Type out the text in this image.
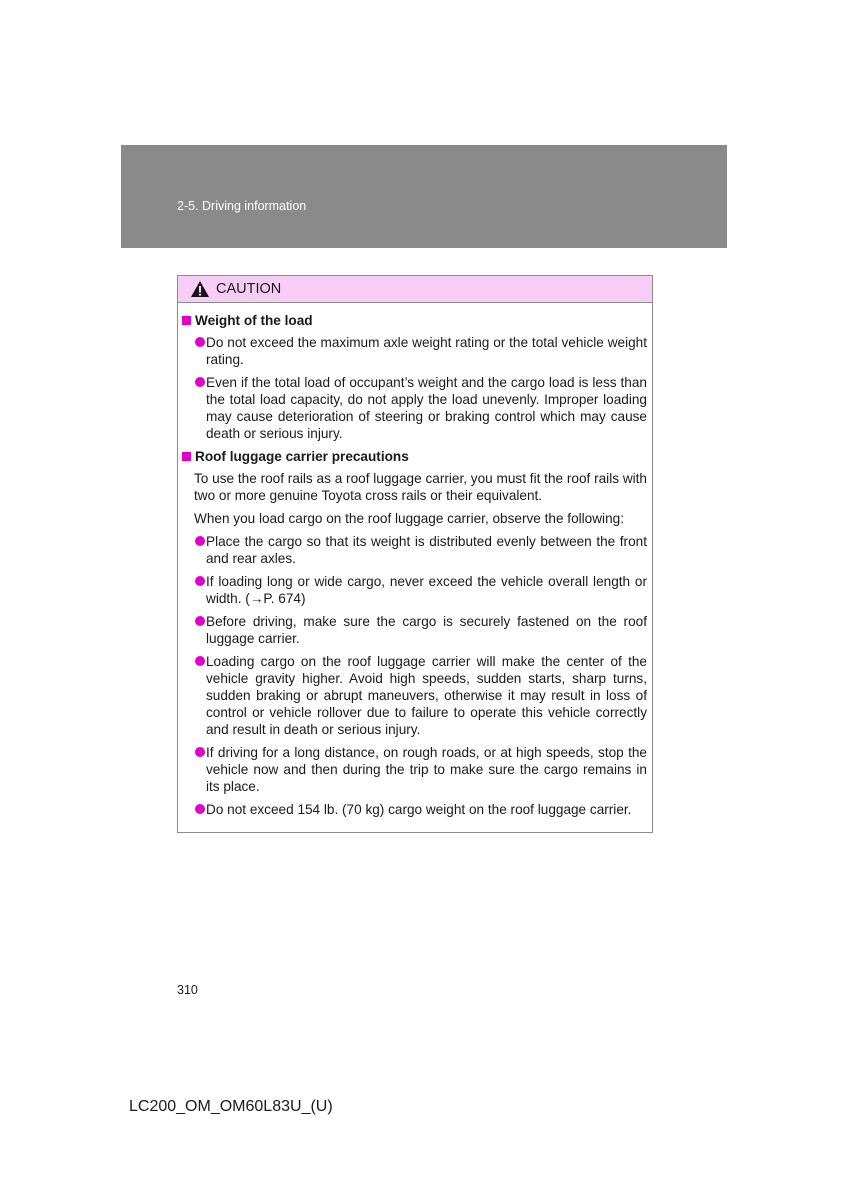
2-5. Driving information
CAUTION
Weight of the load
Do not exceed the maximum axle weight rating or the total vehicle weight rating.
Even if the total load of occupant’s weight and the cargo load is less than the total load capacity, do not apply the load unevenly. Improper loading may cause deterioration of steering or braking control which may cause death or serious injury.
Roof luggage carrier precautions
To use the roof rails as a roof luggage carrier, you must fit the roof rails with two or more genuine Toyota cross rails or their equivalent.
When you load cargo on the roof luggage carrier, observe the following:
Place the cargo so that its weight is distributed evenly between the front and rear axles.
If loading long or wide cargo, never exceed the vehicle overall length or width. (→P. 674)
Before driving, make sure the cargo is securely fastened on the roof luggage carrier.
Loading cargo on the roof luggage carrier will make the center of the vehicle gravity higher. Avoid high speeds, sudden starts, sharp turns, sudden braking or abrupt maneuvers, otherwise it may result in loss of control or vehicle rollover due to failure to operate this vehicle correctly and result in death or serious injury.
If driving for a long distance, on rough roads, or at high speeds, stop the vehicle now and then during the trip to make sure the cargo remains in its place.
Do not exceed 154 lb. (70 kg) cargo weight on the roof luggage carrier.
310
LC200_OM_OM60L83U_(U)
